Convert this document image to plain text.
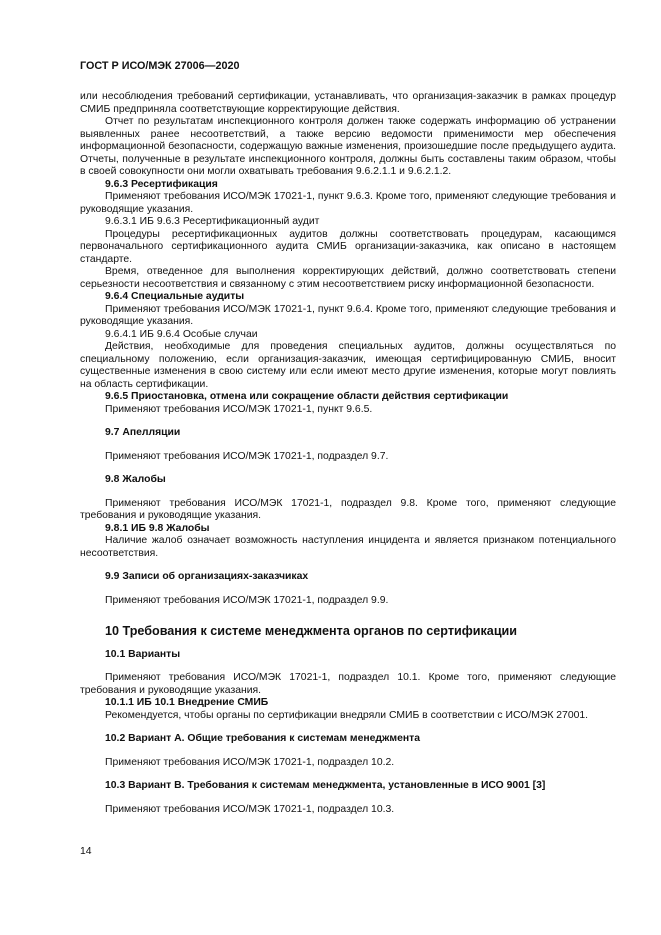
ГОСТ Р ИСО/МЭК 27006—2020

или несоблюдения требований сертификации, устанавливать, что организация-заказчик в рамках процедур СМИБ предприняла соответствующие корректирующие действия.

Отчет по результатам инспекционного контроля должен также содержать информацию об устранении выявленных ранее несоответствий, а также версию ведомости применимости мер обеспечения информационной безопасности, содержащую важные изменения, произошедшие после предыдущего аудита. Отчеты, полученные в результате инспекционного контроля, должны быть составлены таким образом, чтобы в своей совокупности они могли охватывать требования 9.6.2.1.1 и 9.6.2.1.2.

9.6.3 Ресертификация

Применяют требования ИСО/МЭК 17021-1, пункт 9.6.3. Кроме того, применяют следующие требования и руководящие указания.

9.6.3.1 ИБ 9.6.3 Ресертификационный аудит

Процедуры ресертификационных аудитов должны соответствовать процедурам, касающимся первоначального сертификационного аудита СМИБ организации-заказчика, как описано в настоящем стандарте.

Время, отведенное для выполнения корректирующих действий, должно соответствовать степени серьезности несоответствия и связанному с этим несоответствием риску информационной безопасности.

9.6.4 Специальные аудиты

Применяют требования ИСО/МЭК 17021-1, пункт 9.6.4. Кроме того, применяют следующие требования и руководящие указания.

9.6.4.1 ИБ 9.6.4 Особые случаи

Действия, необходимые для проведения специальных аудитов, должны осуществляться по специальному положению, если организация-заказчик, имеющая сертифицированную СМИБ, вносит существенные изменения в свою систему или если имеют место другие изменения, которые могут повлиять на область сертификации.

9.6.5 Приостановка, отмена или сокращение области действия сертификации

Применяют требования ИСО/МЭК 17021-1, пункт 9.6.5.

9.7 Апелляции

Применяют требования ИСО/МЭК 17021-1, подраздел 9.7.

9.8 Жалобы

Применяют требования ИСО/МЭК 17021-1, подраздел 9.8. Кроме того, применяют следующие требования и руководящие указания.

9.8.1 ИБ 9.8 Жалобы

Наличие жалоб означает возможность наступления инцидента и является признаком потенциального несоответствия.

9.9 Записи об организациях-заказчиках

Применяют требования ИСО/МЭК 17021-1, подраздел 9.9.

10 Требования к системе менеджмента органов по сертификации

10.1 Варианты

Применяют требования ИСО/МЭК 17021-1, подраздел 10.1. Кроме того, применяют следующие требования и руководящие указания.

10.1.1 ИБ 10.1 Внедрение СМИБ

Рекомендуется, чтобы органы по сертификации внедряли СМИБ в соответствии с ИСО/МЭК 27001.

10.2 Вариант А. Общие требования к системам менеджмента

Применяют требования ИСО/МЭК 17021-1, подраздел 10.2.

10.3 Вариант В. Требования к системам менеджмента, установленные в ИСО 9001 [3]

Применяют требования ИСО/МЭК 17021-1, подраздел 10.3.

14
